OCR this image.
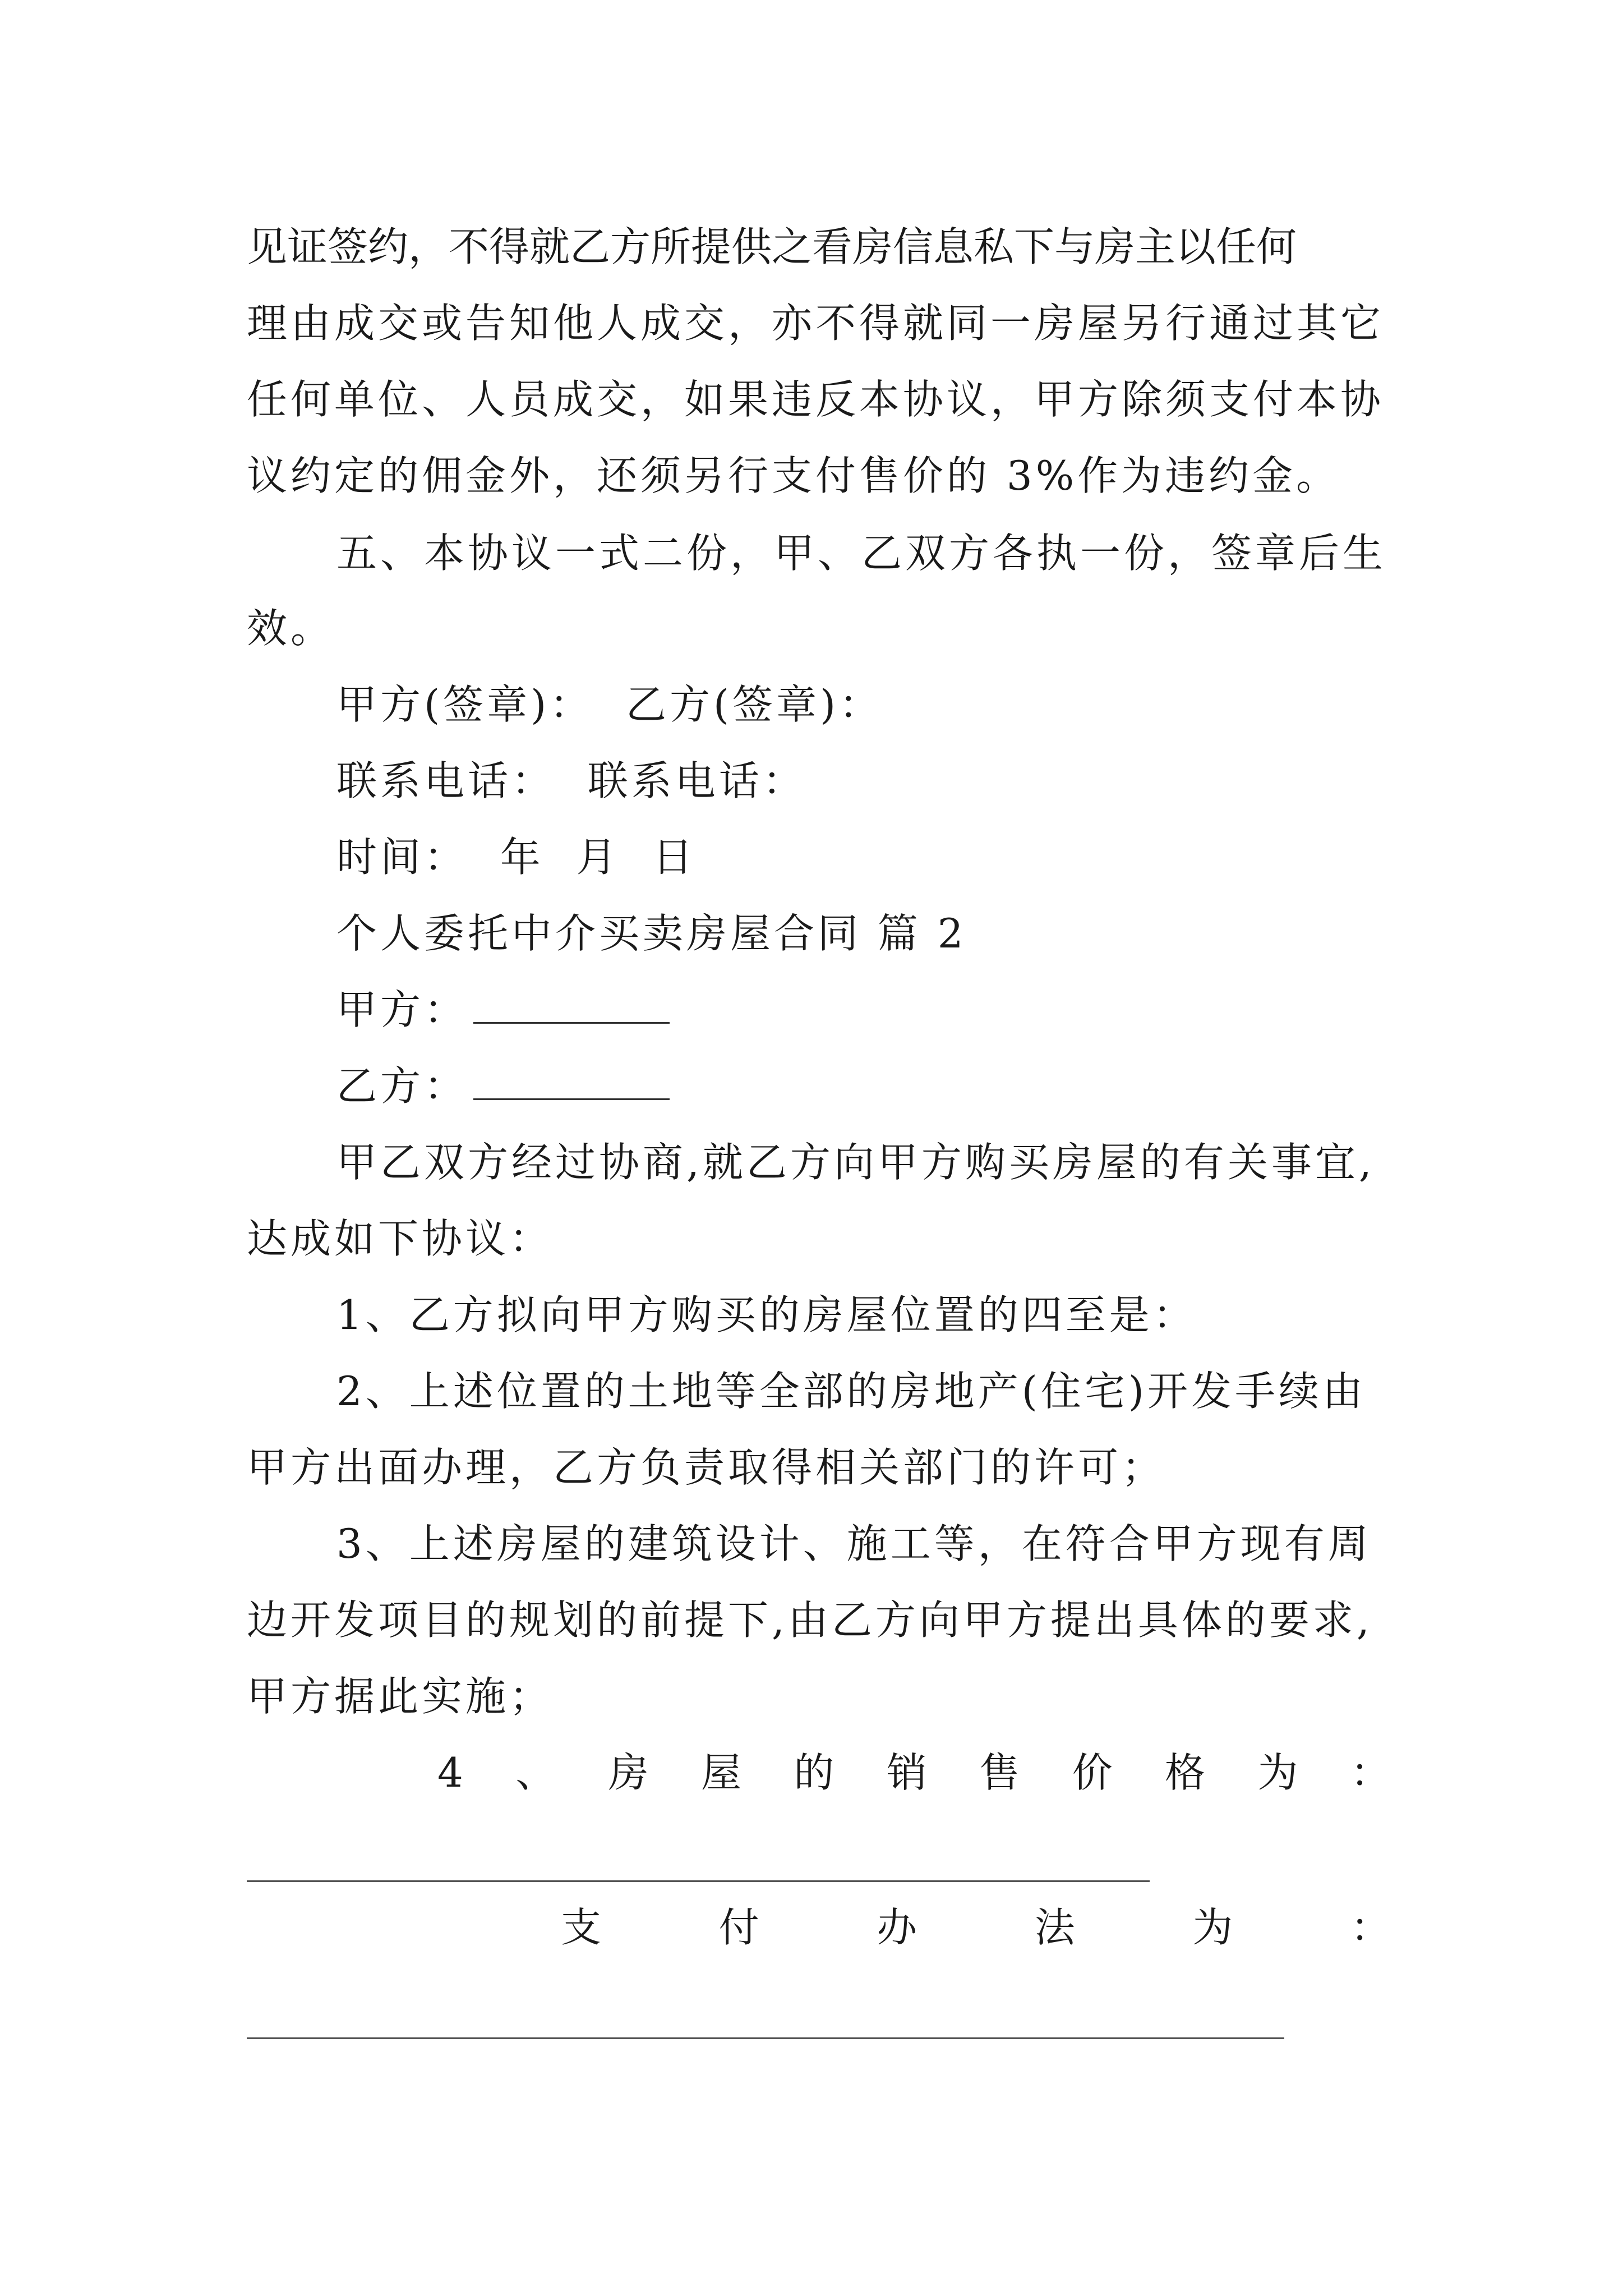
见证签约，不得就乙方所提供之看房信息私下与房主以任何
理由成交或告知他人成交，亦不得就同一房屋另行通过其它
任何单位、人员成交，如果违反本协议，甲方除须支付本协
议约定的佣金外，还须另行支付售价的 3%作为违约金。
五、本协议一式二份，甲、乙双方各执一份，签章后生
效。
甲方(签章)：  乙方(签章)：
联系电话：  联系电话：
时间：  年  月  日
个人委托中介买卖房屋合同 篇 2
甲方：
乙方：
甲乙双方经过协商,就乙方向甲方购买房屋的有关事宜,
达成如下协议：
1、乙方拟向甲方购买的房屋位置的四至是：
2、上述位置的土地等全部的房地产(住宅)开发手续由
甲方出面办理，乙方负责取得相关部门的许可；
3、上述房屋的建筑设计、施工等，在符合甲方现有周
边开发项目的规划的前提下,由乙方向甲方提出具体的要求,
甲方据此实施；
4 、 房 屋 的 销 售 价 格 为 ：
支	付	办	法	为	：
